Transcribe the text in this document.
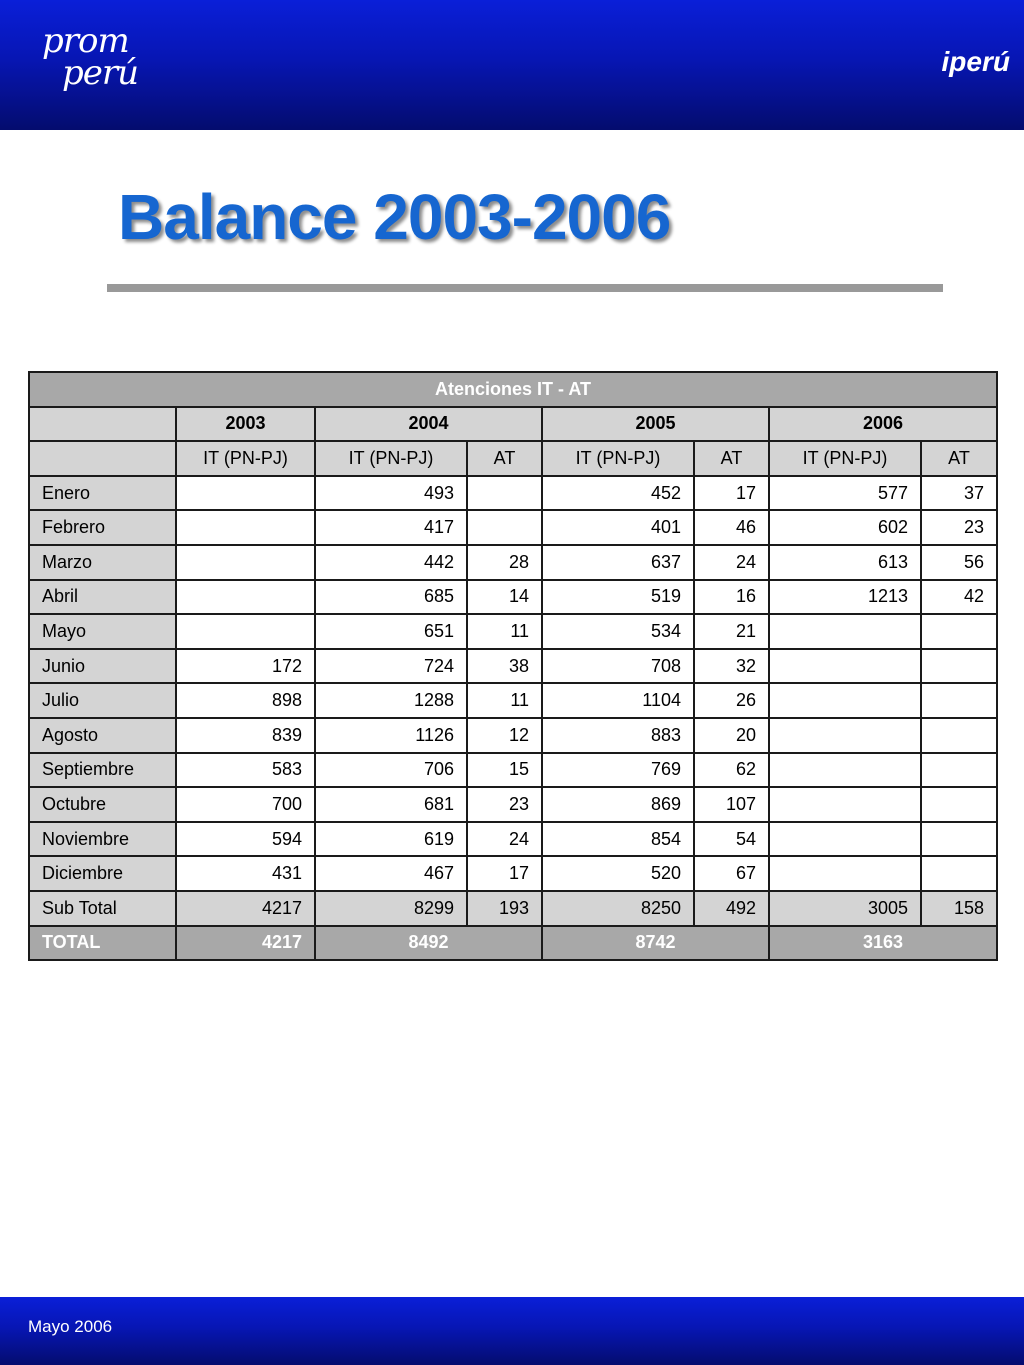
prom
perú	iperú
Balance 2003-2006
Atenciones IT - AT							
	2003	2004		2005		2006	
	IT (PN-PJ)	IT (PN-PJ)	AT	IT (PN-PJ)	AT	IT (PN-PJ)	AT
Enero		493		452	17	577	37
Febrero		417		401	46	602	23
Marzo		442	28	637	24	613	56
Abril		685	14	519	16	1213	42
Mayo		651	11	534	21		
Junio	172	724	38	708	32		
Julio	898	1288	11	1104	26		
Agosto	839	1126	12	883	20		
Septiembre	583	706	15	769	62		
Octubre	700	681	23	869	107		
Noviembre	594	619	24	854	54		
Diciembre	431	467	17	520	67		
Sub Total	4217	8299	193	8250	492	3005	158
TOTAL	4217	8492		8742		3163	
Mayo 2006
